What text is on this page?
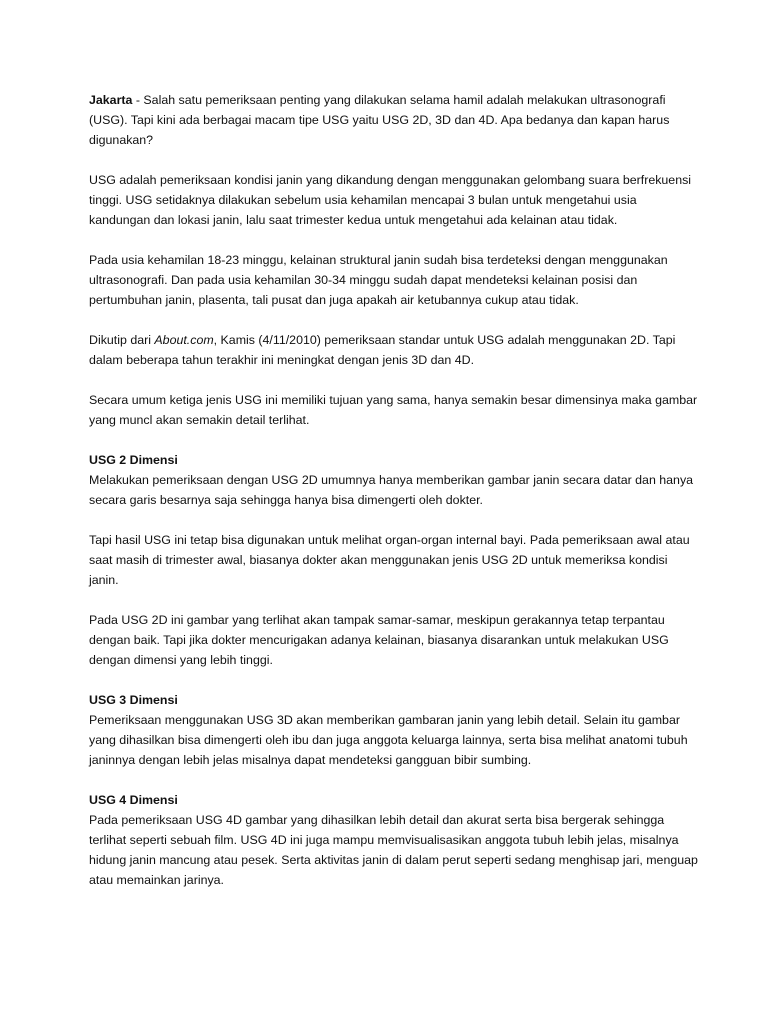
Jakarta - Salah satu pemeriksaan penting yang dilakukan selama hamil adalah melakukan ultrasonografi (USG). Tapi kini ada berbagai macam tipe USG yaitu USG 2D, 3D dan 4D. Apa bedanya dan kapan harus digunakan?

USG adalah pemeriksaan kondisi janin yang dikandung dengan menggunakan gelombang suara berfrekuensi tinggi. USG setidaknya dilakukan sebelum usia kehamilan mencapai 3 bulan untuk mengetahui usia kandungan dan lokasi janin, lalu saat trimester kedua untuk mengetahui ada kelainan atau tidak.

Pada usia kehamilan 18-23 minggu, kelainan struktural janin sudah bisa terdeteksi dengan menggunakan ultrasonografi. Dan pada usia kehamilan 30-34 minggu sudah dapat mendeteksi kelainan posisi dan pertumbuhan janin, plasenta, tali pusat dan juga apakah air ketubannya cukup atau tidak.

Dikutip dari About.com, Kamis (4/11/2010) pemeriksaan standar untuk USG adalah menggunakan 2D. Tapi dalam beberapa tahun terakhir ini meningkat dengan jenis 3D dan 4D.

Secara umum ketiga jenis USG ini memiliki tujuan yang sama, hanya semakin besar dimensinya maka gambar yang muncl akan semakin detail terlihat.

USG 2 Dimensi

Melakukan pemeriksaan dengan USG 2D umumnya hanya memberikan gambar janin secara datar dan hanya secara garis besarnya saja sehingga hanya bisa dimengerti oleh dokter.

Tapi hasil USG ini tetap bisa digunakan untuk melihat organ-organ internal bayi. Pada pemeriksaan awal atau saat masih di trimester awal, biasanya dokter akan menggunakan jenis USG 2D untuk memeriksa kondisi janin.

Pada USG 2D ini gambar yang terlihat akan tampak samar-samar, meskipun gerakannya tetap terpantau dengan baik. Tapi jika dokter mencurigakan adanya kelainan, biasanya disarankan untuk melakukan USG dengan dimensi yang lebih tinggi.

USG 3 Dimensi

Pemeriksaan menggunakan USG 3D akan memberikan gambaran janin yang lebih detail. Selain itu gambar yang dihasilkan bisa dimengerti oleh ibu dan juga anggota keluarga lainnya, serta bisa melihat anatomi tubuh janinnya dengan lebih jelas misalnya dapat mendeteksi gangguan bibir sumbing.

USG 4 Dimensi

Pada pemeriksaan USG 4D gambar yang dihasilkan lebih detail dan akurat serta bisa bergerak sehingga terlihat seperti sebuah film. USG 4D ini juga mampu memvisualisasikan anggota tubuh lebih jelas, misalnya hidung janin mancung atau pesek. Serta aktivitas janin di dalam perut seperti sedang menghisap jari, menguap atau memainkan jarinya.
